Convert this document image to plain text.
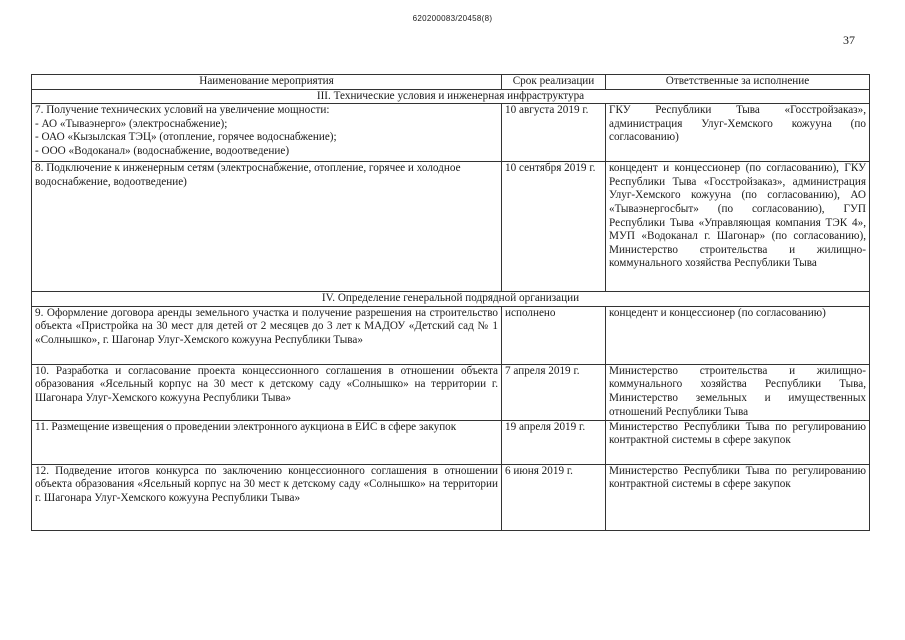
620200083/20458(8)
37
Наименование мероприятия	Срок реализации	Ответственные за исполнение
III. Технические условия и инженерная инфраструктура		

7. Получение технических условий на увеличение мощности:
- АО «Тываэнерго» (электроснабжение);
- ОАО «Кызылская ТЭЦ» (отопление, горячее водоснабжение);
- ООО «Водоканал» (водоснабжение, водоотведение)	10 августа 2019 г.	ГКУ Республики Тыва «Госстройзаказ», администрация Улуг-Хемского кожууна (по согласованию)

8. Подключение к инженерным сетям (электроснабжение, отопление, горячее и холодное водоснабжение, водоотведение)	10 сентября 2019 г.	концедент и концессионер (по согласованию), ГКУ Республики Тыва «Госстройзаказ», администрация Улуг-Хемского кожууна (по согласованию), АО «Тываэнергосбыт» (по согласованию), ГУП Республики Тыва «Управляющая компания ТЭК 4», МУП «Водоканал г. Шагонар» (по согласованию), Министерство строительства и жилищно-коммунального хозяйства Республики Тыва
IV. Определение генеральной подрядной организации		

9. Оформление договора аренды земельного участка и получение разрешения на строительство объекта «Пристройка на 30 мест для детей от 2 месяцев до 3 лет к МАДОУ «Детский сад № 1 «Солнышко», г. Шагонар Улуг-Хемского кожууна Республики Тыва»	исполнено	концедент и концессионер (по согласованию)

10. Разработка и согласование проекта концессионного соглашения в отношении объекта образования «Ясельный корпус на 30 мест к детскому саду «Солнышко» на территории г. Шагонара Улуг-Хемского кожууна Республики Тыва»	7 апреля 2019 г.	Министерство строительства и жилищно-коммунального хозяйства Республики Тыва, Министерство земельных и имущественных отношений Республики Тыва

11. Размещение извещения о проведении электронного аукциона в ЕИС в сфере закупок	19 апреля 2019 г.	Министерство Республики Тыва по регулированию контрактной системы в сфере закупок

12. Подведение итогов конкурса по заключению концессионного соглашения в отношении объекта образования «Ясельный корпус на 30 мест к детскому саду «Солнышко» на территории г. Шагонара Улуг-Хемского кожууна Республики Тыва»	6 июня 2019 г.	Министерство Республики Тыва по регулированию контрактной системы в сфере закупок
